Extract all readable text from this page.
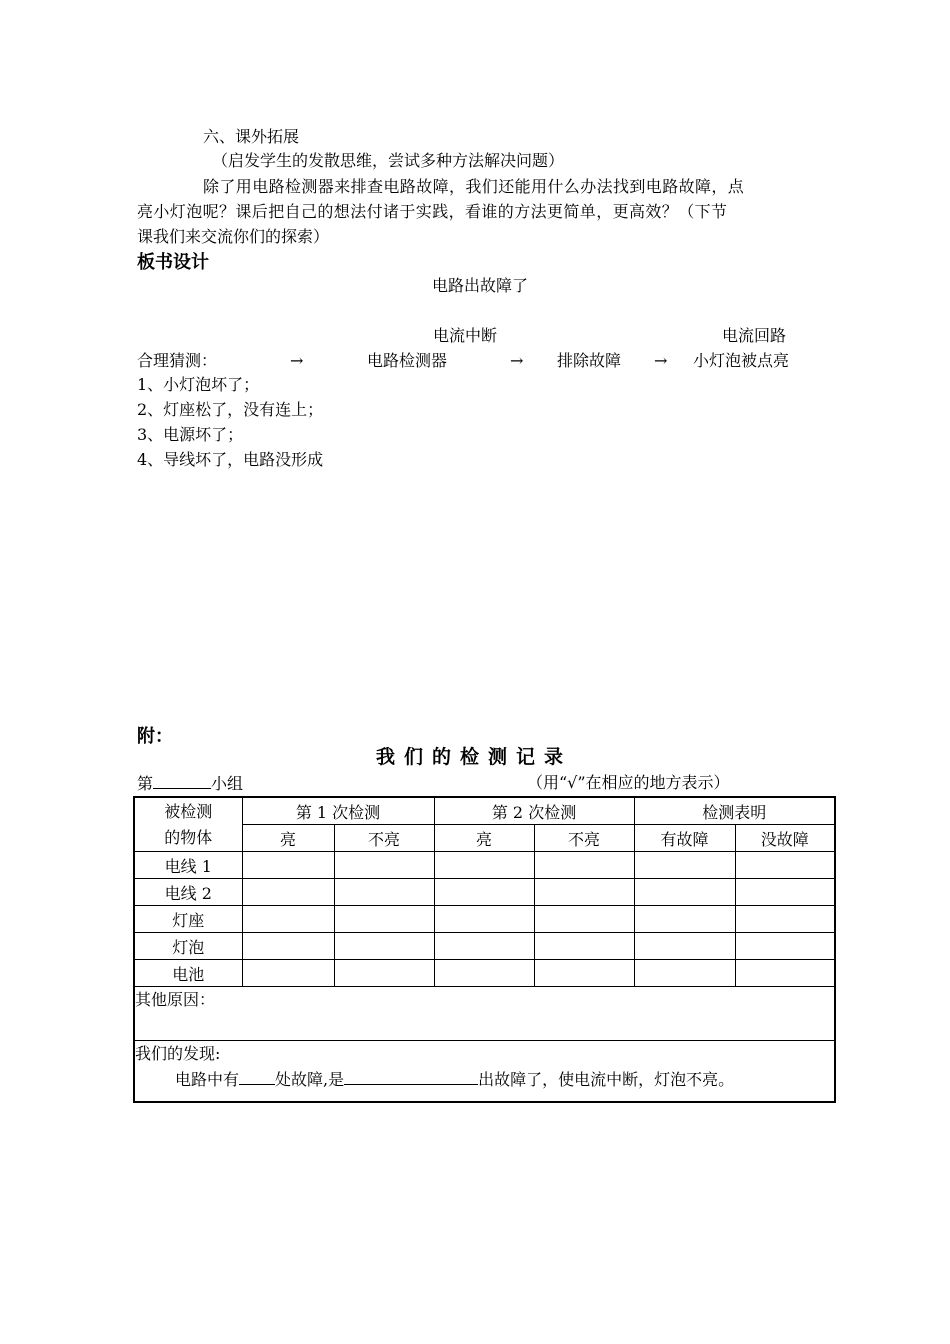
六、课外拓展
（启发学生的发散思维，尝试多种方法解决问题）
除了用电路检测器来排查电路故障，我们还能用什么办法找到电路故障，点
亮小灯泡呢？课后把自己的想法付诸于实践，看谁的方法更简单，更高效？（下节
课我们来交流你们的探索）
板书设计
电路出故障了
电流中断	电流回路
合理猜测：	→	电路检测器	→ 排除故障 → 小灯泡被点亮
1、小灯泡坏了；
2、灯座松了，没有连上；
3、电源坏了；
4、导线坏了，电路没形成
附：
我们的检测记录
第	小组	（用“√”在相应的地方表示）
被检测
的物体	第 1 次检测		第 2 次检测		检测表明	
	亮	不亮	亮	不亮	有故障	没故障
电线 1						
电线 2						
灯座						
灯泡						
电池						
其他原因：						

我们的发现:
电路中有 处故障,是 出故障了，使电流中断，灯泡不亮。						
